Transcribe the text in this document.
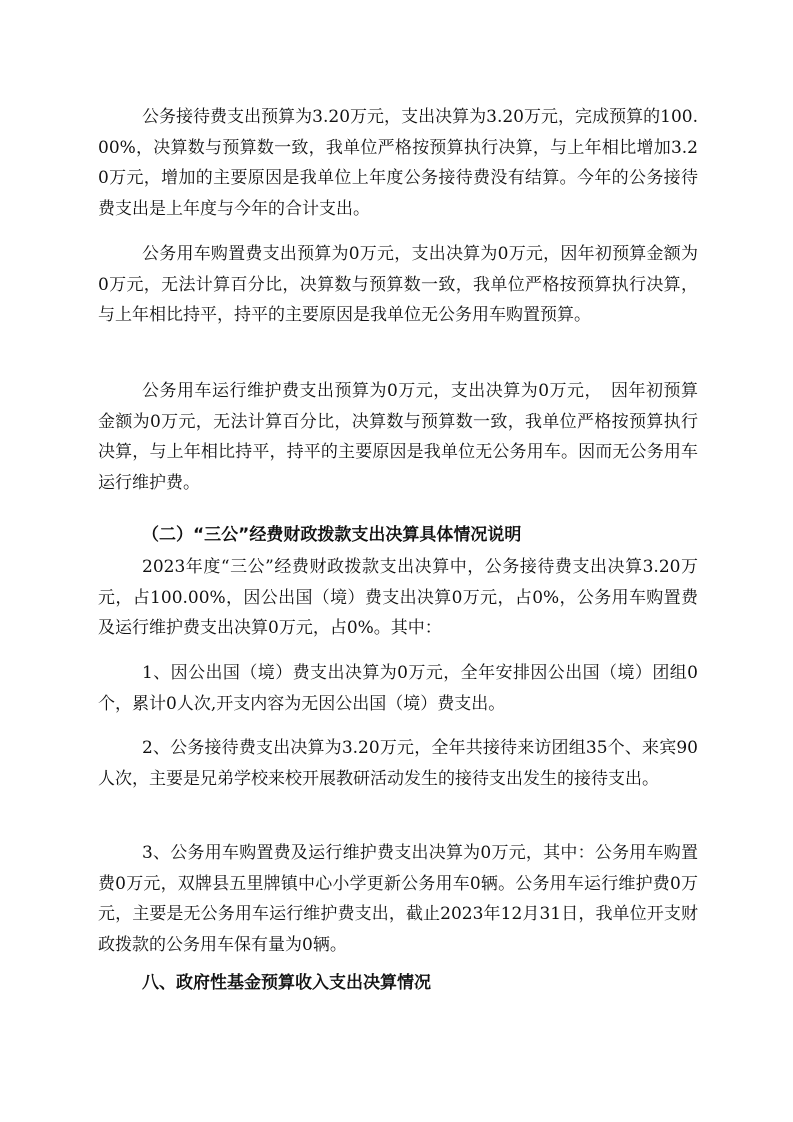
公务接待费支出预算为3.20万元，支出决算为3.20万元，完成预算的100.00%，决算数与预算数一致，我单位严格按预算执行决算，与上年相比增加3.20万元，增加的主要原因是我单位上年度公务接待费没有结算。今年的公务接待费支出是上年度与今年的合计支出。

公务用车购置费支出预算为0万元，支出决算为0万元，因年初预算金额为0万元，无法计算百分比，决算数与预算数一致，我单位严格按预算执行决算，与上年相比持平，持平的主要原因是我单位无公务用车购置预算。

公务用车运行维护费支出预算为0万元，支出决算为0万元，　因年初预算金额为0万元，无法计算百分比，决算数与预算数一致，我单位严格按预算执行决算，与上年相比持平，持平的主要原因是我单位无公务用车。因而无公务用车运行维护费。

（二）“三公”经费财政拨款支出决算具体情况说明

2023年度“三公”经费财政拨款支出决算中，公务接待费支出决算3.20万元，占100.00%，因公出国（境）费支出决算0万元，占0%，公务用车购置费及运行维护费支出决算0万元，占0%。其中：

1、因公出国（境）费支出决算为0万元，全年安排因公出国（境）团组0个，累计0人次,开支内容为无因公出国（境）费支出。

2、公务接待费支出决算为3.20万元，全年共接待来访团组35个、来宾90人次，主要是兄弟学校来校开展教研活动发生的接待支出发生的接待支出。

3、公务用车购置费及运行维护费支出决算为0万元，其中：公务用车购置费0万元，双牌县五里牌镇中心小学更新公务用车0辆。公务用车运行维护费0万元，主要是无公务用车运行维护费支出，截止2023年12月31日，我单位开支财政拨款的公务用车保有量为0辆。

八、政府性基金预算收入支出决算情况
